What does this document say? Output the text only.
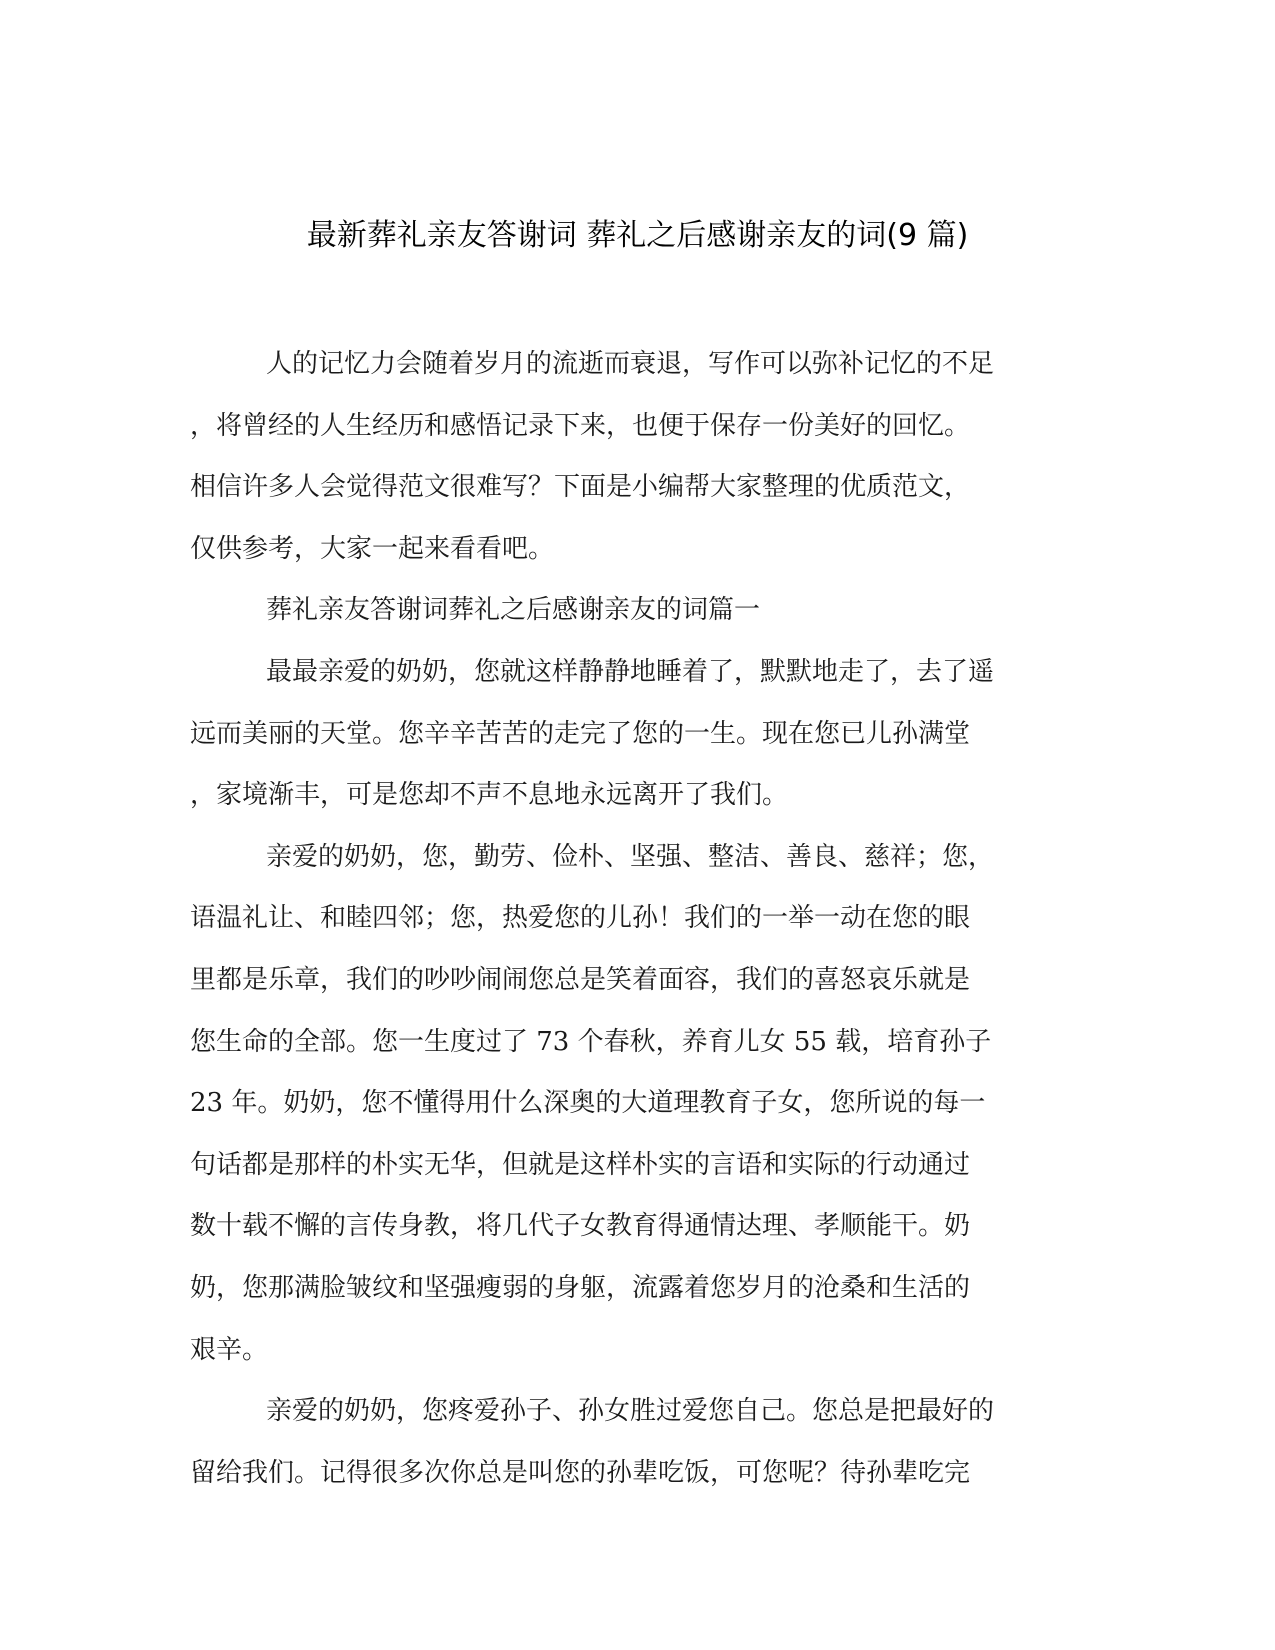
最新葬礼亲友答谢词 葬礼之后感谢亲友的词(9 篇)
人的记忆力会随着岁月的流逝而衰退，写作可以弥补记忆的不足
，将曾经的人生经历和感悟记录下来，也便于保存一份美好的回忆。
相信许多人会觉得范文很难写？下面是小编帮大家整理的优质范文，
仅供参考，大家一起来看看吧。
葬礼亲友答谢词葬礼之后感谢亲友的词篇一
最最亲爱的奶奶，您就这样静静地睡着了，默默地走了，去了遥
远而美丽的天堂。您辛辛苦苦的走完了您的一生。现在您已儿孙满堂
，家境渐丰，可是您却不声不息地永远离开了我们。
亲爱的奶奶，您，勤劳、俭朴、坚强、整洁、善良、慈祥；您，
语温礼让、和睦四邻；您，热爱您的儿孙！我们的一举一动在您的眼
里都是乐章，我们的吵吵闹闹您总是笑着面容，我们的喜怒哀乐就是
您生命的全部。您一生度过了 73 个春秋，养育儿女 55 载，培育孙子
23 年。奶奶，您不懂得用什么深奥的大道理教育子女，您所说的每一
句话都是那样的朴实无华，但就是这样朴实的言语和实际的行动通过
数十载不懈的言传身教，将几代子女教育得通情达理、孝顺能干。奶
奶，您那满脸皱纹和坚强瘦弱的身躯，流露着您岁月的沧桑和生活的
艰辛。
亲爱的奶奶，您疼爱孙子、孙女胜过爱您自己。您总是把最好的
留给我们。记得很多次你总是叫您的孙辈吃饭，可您呢？待孙辈吃完
